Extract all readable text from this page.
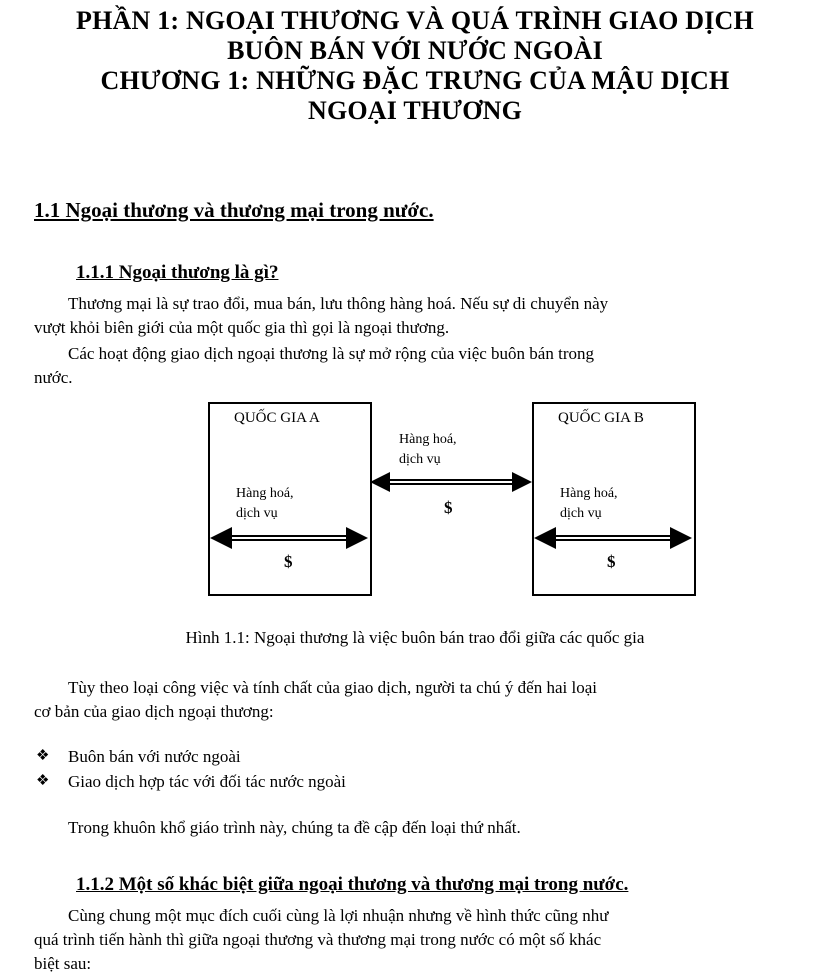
PHẦN 1: NGOẠI THƯƠNG VÀ QUÁ TRÌNH GIAO DỊCH
BUÔN BÁN VỚI NƯỚC NGOÀI
CHƯƠNG 1: NHỮNG ĐẶC TRƯNG CỦA MẬU DỊCH
NGOẠI THƯƠNG
1.1 Ngoại thương và thương mại trong nước.
1.1.1 Ngoại thương là gì?
Thương mại là sự trao đổi, mua bán, lưu thông hàng hoá. Nếu sự di chuyển này
vượt khỏi biên giới của một quốc gia thì gọi là ngoại thương.
Các hoạt động giao dịch ngoại thương là sự mở rộng của việc buôn bán trong
nước.
QUỐC GIA A	QUỐC GIA B
Hàng hoá,
dịch vụ
Hàng hoá,
dịch vụ
Hàng hoá,
dịch vụ
$
$	$
Hình 1.1: Ngoại thương là việc buôn bán trao đổi giữa các quốc gia
Tùy theo loại công việc và tính chất của giao dịch, người ta chú ý đến hai loại
cơ bản của giao dịch ngoại thương:
❖ Buôn bán với nước ngoài
❖ Giao dịch hợp tác với đối tác nước ngoài
Trong khuôn khổ giáo trình này, chúng ta đề cập đến loại thứ nhất.
1.1.2 Một số khác biệt giữa ngoại thương và thương mại trong nước.
Cùng chung một mục đích cuối cùng là lợi nhuận nhưng về hình thức cũng như
quá trình tiến hành thì giữa ngoại thương và thương mại trong nước có một số khác
biệt sau:
